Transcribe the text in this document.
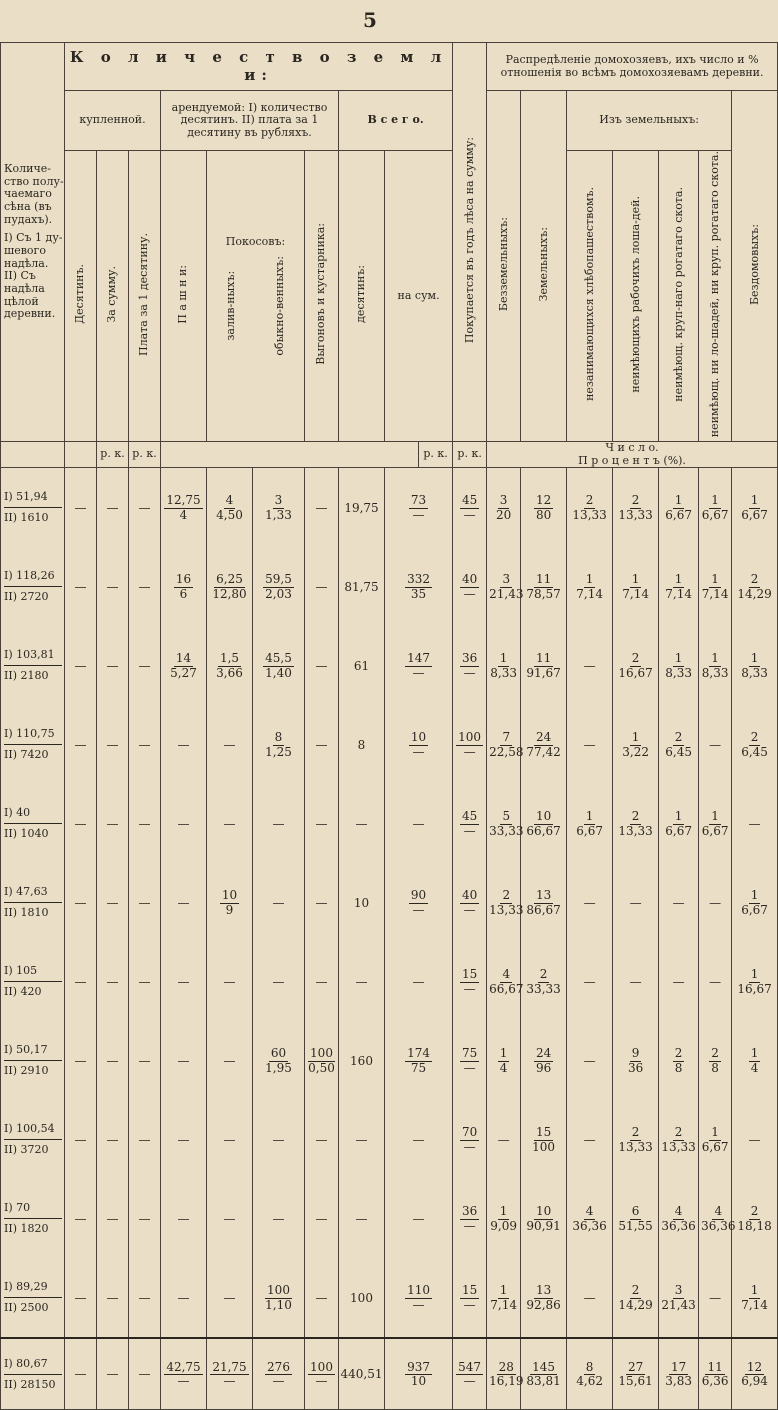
5
Количе-ство полу-чаемаго сѣна (въ пудахъ).
I) Съ 1 ду-шевого надѣла. II) Съ надѣла цѣлой деревни.	К о л и ч е с т в о з е м л и:										Покупается въ годъ лѣса на сумму:	Распредѣленіе домохозяевъ, ихъ число и % отношенія во всѣмъ домохозяевамъ деревни.						
	купленной.			арендуемой: I) количество десятинъ. II) плата за 1 десятину въ рубляхъ.				В с е г о.				Безземельныхъ:	Земельныхъ:	Изъ земельныхъ:				Бездомовыхъ:
	Десятинъ.	За сумму.	Плата за 1 десятину.	П а ш н и:	Покосовъ:
залив-ныхъ: обыкно-венныхъ:		Выгоновъ и кустарника:	десятинъ:	на сум.					незанимающихся хлѣбопашествомъ.	неимѣющихъ рабочихъ лоша-дей.	неимѣющ. круп-наго рогатаго скота.	неимѣющ. ни ло-шадей, ни круп. рогатаго скота.	
		р. к.	р. к.							р. к.	р. к.	Ч и с л о.
П р о ц е н т ъ (%).						

I) 51,94
II) 1610	—	—	—	$\frac{12,75}{4}$	$\frac{4}{4,50}$	$\frac{3}{1,33}$	—	19,75	$\frac{73}{—}$		$\frac{45}{—}$	$\frac{3}{20}$	$\frac{12}{80}$	$\frac{2}{13,33}$	$\frac{2}{13,33}$	$\frac{1}{6,67}$	$\frac{1}{6,67}$	$\frac{1}{6,67}$

I) 118,26
II) 2720	—	—	—	$\frac{16}{6}$	$\frac{6,25}{12,80}$	$\frac{59,5}{2,03}$	—	81,75	$\frac{332}{35}$		$\frac{40}{—}$	$\frac{3}{21,43}$	$\frac{11}{78,57}$	$\frac{1}{7,14}$	$\frac{1}{7,14}$	$\frac{1}{7,14}$	$\frac{1}{7,14}$	$\frac{2}{14,29}$

I) 103,81
II) 2180	—	—	—	$\frac{14}{5,27}$	$\frac{1,5}{3,66}$	$\frac{45,5}{1,40}$	—	61	$\frac{147}{—}$		$\frac{36}{—}$	$\frac{1}{8,33}$	$\frac{11}{91,67}$	—	$\frac{2}{16,67}$	$\frac{1}{8,33}$	$\frac{1}{8,33}$	$\frac{1}{8,33}$

I) 110,75
II) 7420	—	—	—	—	—	$\frac{8}{1,25}$	—	8	$\frac{10}{—}$		$\frac{100}{—}$	$\frac{7}{22,58}$	$\frac{24}{77,42}$	—	$\frac{1}{3,22}$	$\frac{2}{6,45}$	—	$\frac{2}{6,45}$

I) 40
II) 1040	—	—	—	—	—	—	—	—	—		$\frac{45}{—}$	$\frac{5}{33,33}$	$\frac{10}{66,67}$	$\frac{1}{6,67}$	$\frac{2}{13,33}$	$\frac{1}{6,67}$	$\frac{1}{6,67}$	—

I) 47,63
II) 1810	—	—	—	—	$\frac{10}{9}$	—	—	10	$\frac{90}{—}$		$\frac{40}{—}$	$\frac{2}{13,33}$	$\frac{13}{86,67}$	—	—	—	—	$\frac{1}{6,67}$

I) 105
II) 420	—	—	—	—	—	—	—	—	—		$\frac{15}{—}$	$\frac{4}{66,67}$	$\frac{2}{33,33}$	—	—	—	—	$\frac{1}{16,67}$

I) 50,17
II) 2910	—	—	—	—	—	$\frac{60}{1,95}$	$\frac{100}{0,50}$	160	$\frac{174}{75}$		$\frac{75}{—}$	$\frac{1}{4}$	$\frac{24}{96}$	—	$\frac{9}{36}$	$\frac{2}{8}$	$\frac{2}{8}$	$\frac{1}{4}$

I) 100,54
II) 3720	—	—	—	—	—	—	—	—	—		$\frac{70}{—}$	—	$\frac{15}{100}$	—	$\frac{2}{13,33}$	$\frac{2}{13,33}$	$\frac{1}{6,67}$	—

I) 70
II) 1820	—	—	—	—	—	—	—	—	—		$\frac{36}{—}$	$\frac{1}{9,09}$	$\frac{10}{90,91}$	$\frac{4}{36,36}$	$\frac{6}{51,55}$	$\frac{4}{36,36}$	$\frac{4}{36,36}$	$\frac{2}{18,18}$

I) 89,29
II) 2500	—	—	—	—	—	$\frac{100}{1,10}$	—	100	$\frac{110}{—}$		$\frac{15}{—}$	$\frac{1}{7,14}$	$\frac{13}{92,86}$	—	$\frac{2}{14,29}$	$\frac{3}{21,43}$	—	$\frac{1}{7,14}$

I) 80,67
II) 28150	—	—	—	$\frac{42,75}{—}$	$\frac{21,75}{—}$	$\frac{276}{—}$	$\frac{100}{—}$	440,51	$\frac{937}{10}$		$\frac{547}{—}$	$\frac{28}{16,19}$	$\frac{145}{83,81}$	$\frac{8}{4,62}$	$\frac{27}{15,61}$	$\frac{17}{3,83}$	$\frac{11}{6,36}$	$\frac{12}{6,94}$
